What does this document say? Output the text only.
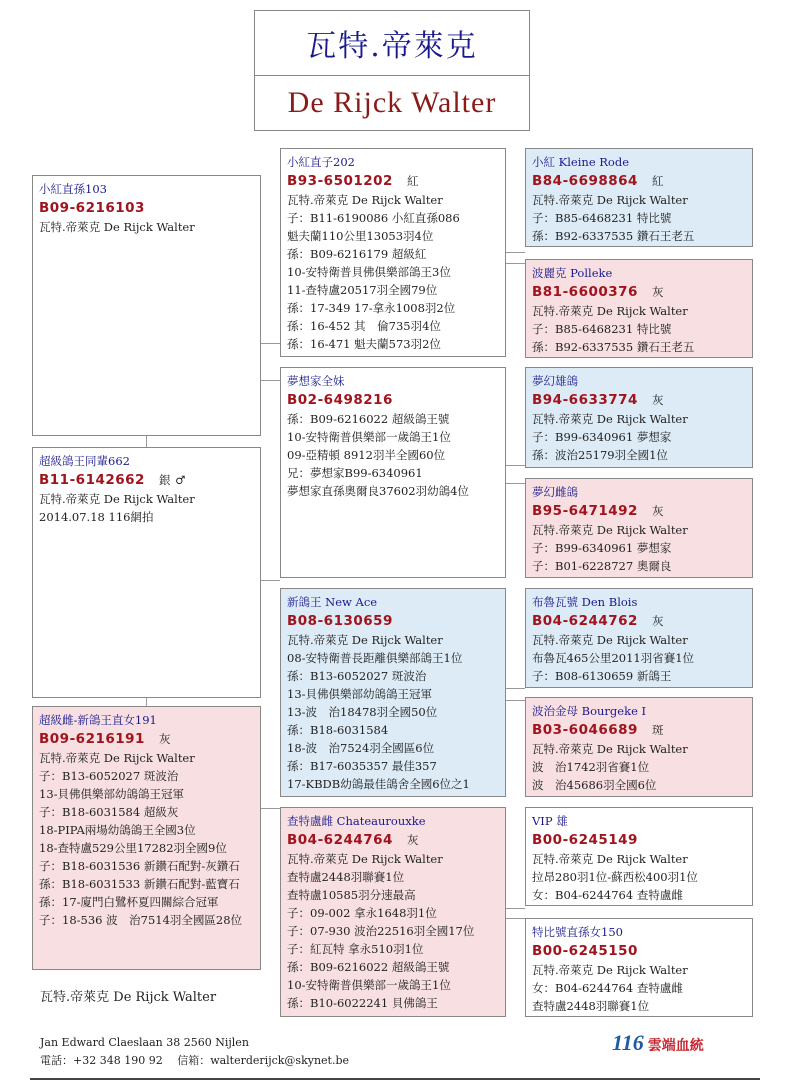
瓦特.帝萊克
De Rijck Walter
小紅直孫103
B09-6216103
瓦特.帝萊克 De Rijck Walter
超級鴿王同輩662
B11-6142662 銀 ♂
瓦特.帝萊克 De Rijck Walter
2014.07.18 116網拍
超級雌-新鴿王直女191
B09-6216191 灰
瓦特.帝萊克 De Rijck Walter
子：B13-6052027 斑波治
13-貝佛俱樂部幼鴿鴿王冠軍
子：B18-6031584 超級灰
18-PIPA兩場幼鴿鴿王全國3位
18-查特盧529公里17282羽全國9位
子：B18-6031536 新鑽石配對-灰鑽石
孫：B18-6031533 新鑽石配對-藍寶石
孫：17-廈門白鷺杯夏四關綜合冠軍
子：18-536 波　治7514羽全國區28位
小紅直子202
B93-6501202 紅
瓦特.帝萊克 De Rijck Walter
子：B11-6190086 小紅直孫086
魁夫蘭110公里13053羽4位
孫：B09-6216179 超級紅
10-安特衛普貝佛俱樂部鴿王3位
11-查特盧20517羽全國79位
孫：17-349 17-拿永1008羽2位
孫：16-452 其　倫735羽4位
孫：16-471 魁夫蘭573羽2位
夢想家全妹
B02-6498216
孫：B09-6216022 超級鴿王號
10-安特衛普俱樂部一歲鴿王1位
09-亞精頓 8912羽半全國60位
兄：夢想家B99-6340961
夢想家直孫奧爾良37602羽幼鴿4位
新鴿王 New Ace
B08-6130659
瓦特.帝萊克 De Rijck Walter
08-安特衛普長距離俱樂部鴿王1位
孫：B13-6052027 斑波治
13-貝佛俱樂部幼鴿鴿王冠軍
13-波　治18478羽全國50位
孫：B18-6031584
18-波　治7524羽全國區6位
孫：B17-6035357 最佳357
17-KBDB幼鴿最佳鴿舍全國6位之1
查特盧雌 Chateaurouxke
B04-6244764 灰
瓦特.帝萊克 De Rijck Walter
查特盧2448羽聯賽1位
查特盧10585羽分速最高
子：09-002 拿永1648羽1位
子：07-930 波治22516羽全國17位
子：紅瓦特 拿永510羽1位
孫：B09-6216022 超級鴿王號
10-安特衛普俱樂部一歲鴿王1位
孫：B10-6022241 貝佛鴿王
小紅 Kleine Rode
B84-6698864 紅
瓦特.帝萊克 De Rijck Walter
子：B85-6468231 特比號
孫：B92-6337535 鑽石王老五
波麗克 Polleke
B81-6600376 灰
瓦特.帝萊克 De Rijck Walter
子：B85-6468231 特比號
孫：B92-6337535 鑽石王老五
夢幻雄鴿
B94-6633774 灰
瓦特.帝萊克 De Rijck Walter
子：B99-6340961 夢想家
孫：波治25179羽全國1位
夢幻雌鴿
B95-6471492 灰
瓦特.帝萊克 De Rijck Walter
子：B99-6340961 夢想家
子：B01-6228727 奧爾良
布魯瓦號 Den Blois
B04-6244762 灰
瓦特.帝萊克 De Rijck Walter
布魯瓦465公里2011羽省賽1位
子：B08-6130659 新鴿王
波治金母 Bourgeke I
B03-6046689 斑
瓦特.帝萊克 De Rijck Walter
波　治1742羽省賽1位
波　治45686羽全國6位
VIP 雄
B00-6245149
瓦特.帝萊克 De Rijck Walter
拉昂280羽1位-蘇西松400羽1位
女：B04-6244764 查特盧雌
特比號直孫女150
B00-6245150
瓦特.帝萊克 De Rijck Walter
女：B04-6244764 查特盧雌
查特盧2448羽聯賽1位
瓦特.帝萊克 De Rijck Walter
Jan Edward Claeslaan 38 2560 Nijlen
電話：+32 348 190 92　 信箱：walterderijck@skynet.be
116 雲端血統
